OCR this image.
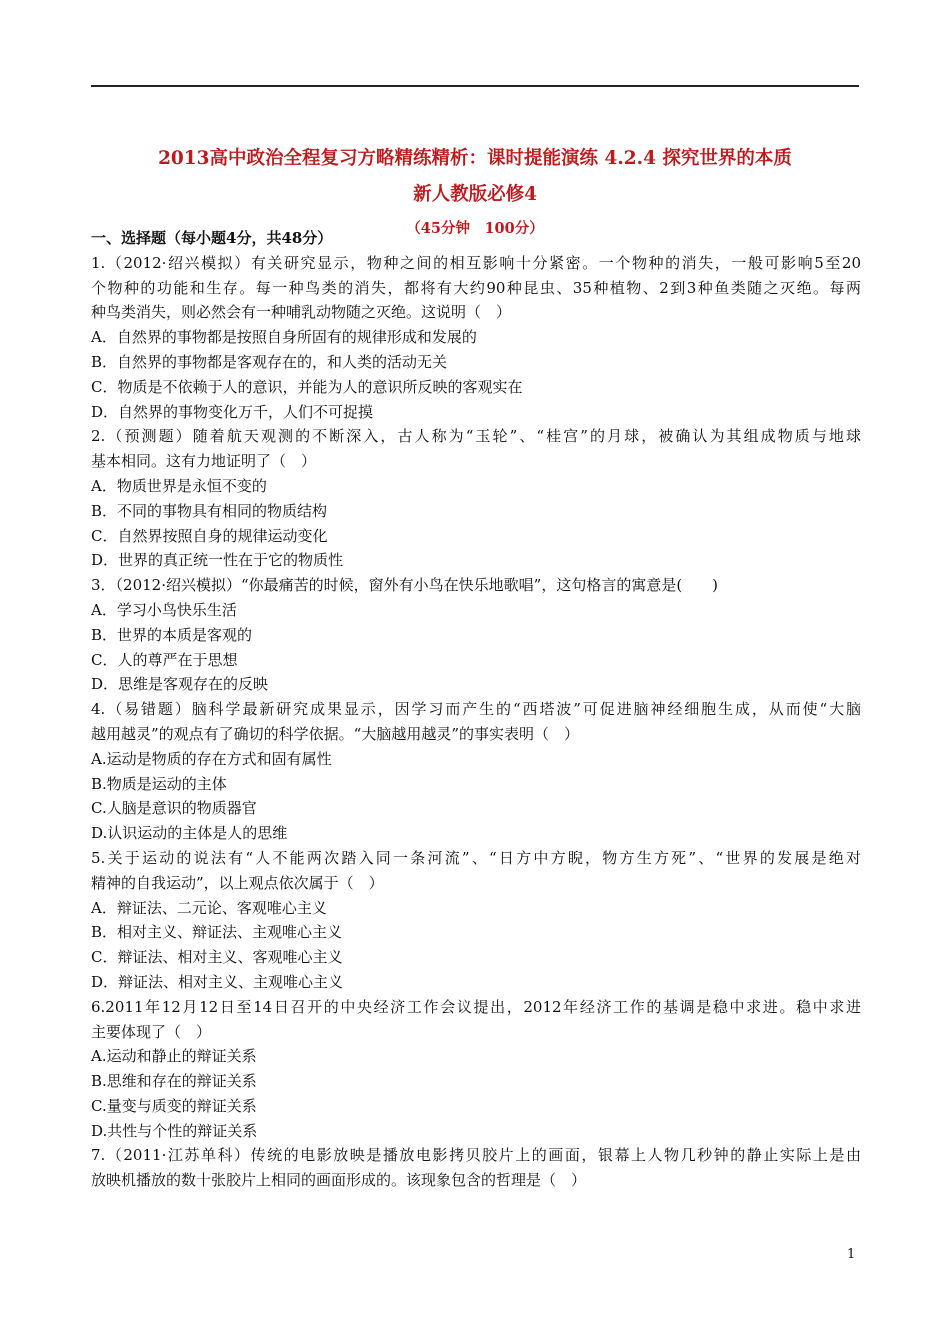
2013高中政治全程复习方略精练精析：课时提能演练 4.2.4 探究世界的本质
新人教版必修4
（45分钟　100分）
一、选择题（每小题4分，共48分）
1.（2012·绍兴模拟）有关研究显示，物种之间的相互影响十分紧密。一个物种的消失，一般可影响5至20
个物种的功能和生存。每一种鸟类的消失，都将有大约90种昆虫、35种植物、2到3种鱼类随之灭绝。每两
种鸟类消失，则必然会有一种哺乳动物随之灭绝。这说明（　）
A．自然界的事物都是按照自身所固有的规律形成和发展的
B．自然界的事物都是客观存在的，和人类的活动无关
C．物质是不依赖于人的意识，并能为人的意识所反映的客观实在
D．自然界的事物变化万千，人们不可捉摸
2.（预测题）随着航天观测的不断深入，古人称为“玉轮”、“桂宫”的月球，被确认为其组成物质与地球
基本相同。这有力地证明了（　）
A．物质世界是永恒不变的
B．不同的事物具有相同的物质结构
C．自然界按照自身的规律运动变化
D．世界的真正统一性在于它的物质性
3．（2012·绍兴模拟）“你最痛苦的时候，窗外有小鸟在快乐地歌唱”，这句格言的寓意是(　　)
A．学习小鸟快乐生活
B．世界的本质是客观的
C．人的尊严在于思想
D．思维是客观存在的反映
4.（易错题）脑科学最新研究成果显示，因学习而产生的“西塔波”可促进脑神经细胞生成，从而使“大脑
越用越灵”的观点有了确切的科学依据。“大脑越用越灵”的事实表明（　）
A.运动是物质的存在方式和固有属性
B.物质是运动的主体
C.人脑是意识的物质器官
D.认识运动的主体是人的思维
5.关于运动的说法有“人不能两次踏入同一条河流”、“日方中方睨，物方生方死”、“世界的发展是绝对
精神的自我运动”，以上观点依次属于（　）
A．辩证法、二元论、客观唯心主义
B．相对主义、辩证法、主观唯心主义
C．辩证法、相对主义、客观唯心主义
D．辩证法、相对主义、主观唯心主义
6.2011年12月12日至14日召开的中央经济工作会议提出，2012年经济工作的基调是稳中求进。稳中求进
主要体现了（　）
A.运动和静止的辩证关系
B.思维和存在的辩证关系
C.量变与质变的辩证关系
D.共性与个性的辩证关系
7.（2011·江苏单科）传统的电影放映是播放电影拷贝胶片上的画面，银幕上人物几秒钟的静止实际上是由
放映机播放的数十张胶片上相同的画面形成的。该现象包含的哲理是（　）
1
